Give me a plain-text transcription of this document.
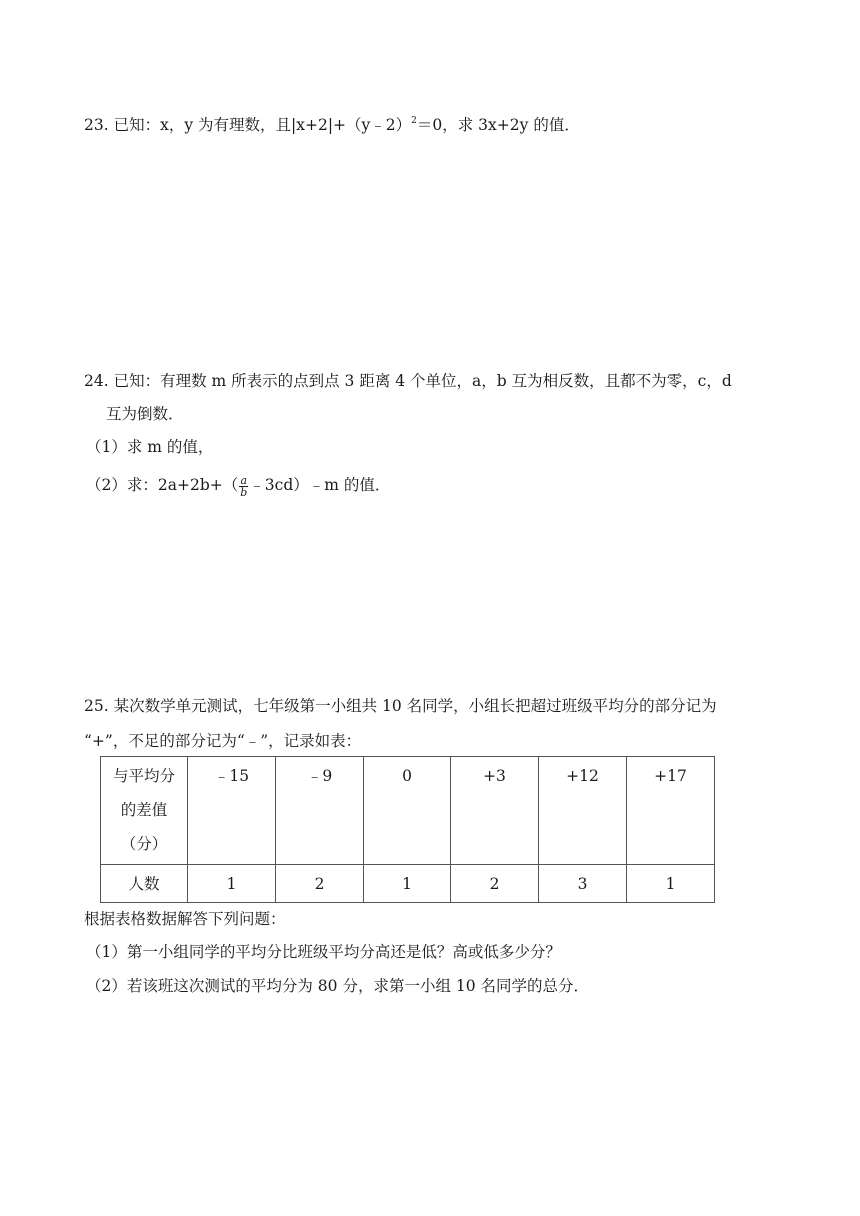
23. 已知：x，y 为有理数，且|x+2|+（y﹣2）$^2$＝0，求 3x+2y 的值．
24. 已知：有理数 m 所表示的点到点 3 距离 4 个单位，a，b 互为相反数，且都不为零，c，d
互为倒数．
（1）求 m 的值，
（2）求：$2a+2b+( \frac{a}{b}$ ﹣3cd）﹣m 的值．
25. 某次数学单元测试，七年级第一小组共 10 名同学，小组长把超过班级平均分的部分记为
“+”，不足的部分记为“﹣”，记录如表：
与平均分
的差值
（分）	﹣15	﹣9	0	+3	+12	+17
人数	1	2	1	2	3	1
根据表格数据解答下列问题：
（1）第一小组同学的平均分比班级平均分高还是低？高或低多少分？
（2）若该班这次测试的平均分为 80 分，求第一小组 10 名同学的总分．
